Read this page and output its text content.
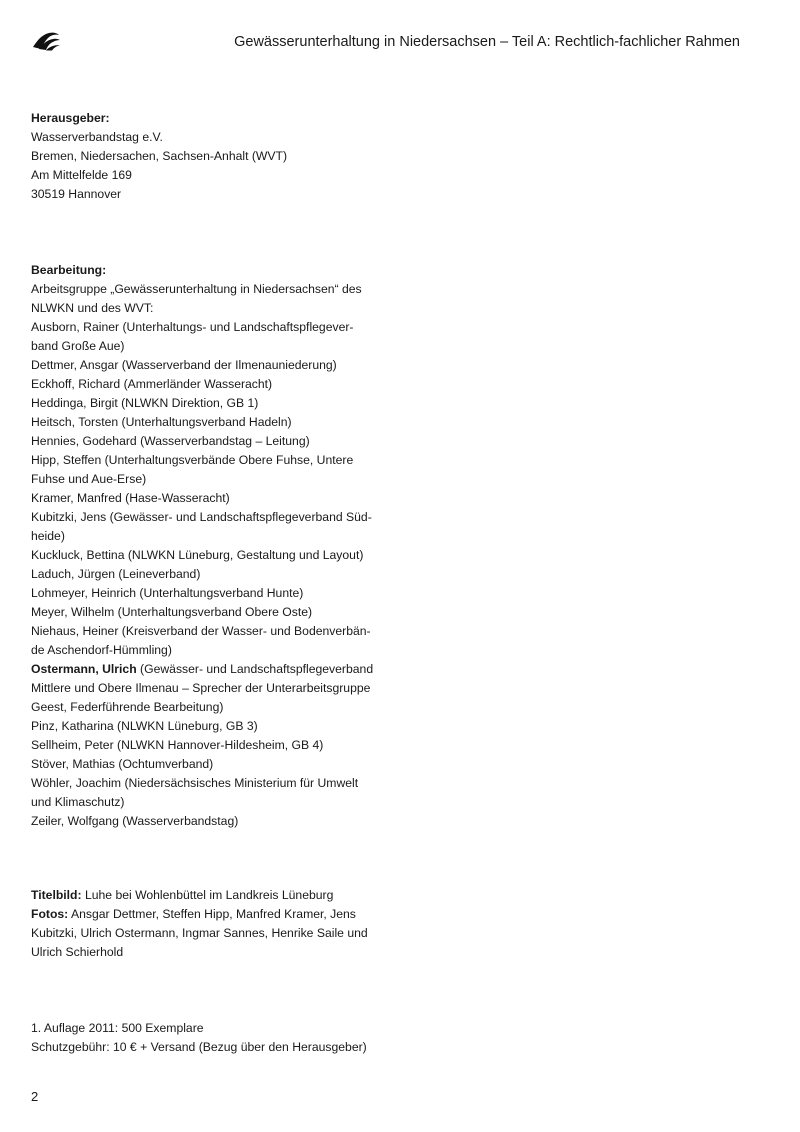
Gewässerunterhaltung in Niedersachsen – Teil A: Rechtlich-fachlicher Rahmen
Herausgeber:
Wasserverbandstag e.V.
Bremen, Niedersachen, Sachsen-Anhalt (WVT)
Am Mittelfelde 169
30519 Hannover
Bearbeitung:
Arbeitsgruppe „Gewässerunterhaltung in Niedersachsen“ des
NLWKN und des WVT:
Ausborn, Rainer (Unterhaltungs- und Landschaftspflegever-
band Große Aue)
Dettmer, Ansgar (Wasserverband der Ilmenauniederung)
Eckhoff, Richard (Ammerländer Wasseracht)
Heddinga, Birgit (NLWKN Direktion, GB 1)
Heitsch, Torsten (Unterhaltungsverband Hadeln)
Hennies, Godehard (Wasserverbandstag – Leitung)
Hipp, Steffen (Unterhaltungsverbände Obere Fuhse, Untere
Fuhse und Aue-Erse)
Kramer, Manfred (Hase-Wasseracht)
Kubitzki, Jens (Gewässer- und Landschaftspflegeverband Süd-
heide)
Kuckluck, Bettina (NLWKN Lüneburg, Gestaltung und Layout)
Laduch, Jürgen (Leineverband)
Lohmeyer, Heinrich (Unterhaltungsverband Hunte)
Meyer, Wilhelm (Unterhaltungsverband Obere Oste)
Niehaus, Heiner (Kreisverband der Wasser- und Bodenverbän-
de Aschendorf-Hümmling)
Ostermann, Ulrich (Gewässer- und Landschaftspflegeverband
Mittlere und Obere Ilmenau – Sprecher der Unterarbeitsgruppe
Geest, Federführende Bearbeitung)
Pinz, Katharina (NLWKN Lüneburg, GB 3)
Sellheim, Peter (NLWKN Hannover-Hildesheim, GB 4)
Stöver, Mathias (Ochtumverband)
Wöhler, Joachim (Niedersächsisches Ministerium für Umwelt
und Klimaschutz)
Zeiler, Wolfgang (Wasserverbandstag)
Titelbild: Luhe bei Wohlenbüttel im Landkreis Lüneburg
Fotos: Ansgar Dettmer, Steffen Hipp, Manfred Kramer, Jens
Kubitzki, Ulrich Ostermann, Ingmar Sannes, Henrike Saile und
Ulrich Schierhold
1. Auflage 2011: 500 Exemplare
Schutzgebühr: 10 € + Versand (Bezug über den Herausgeber)
2
